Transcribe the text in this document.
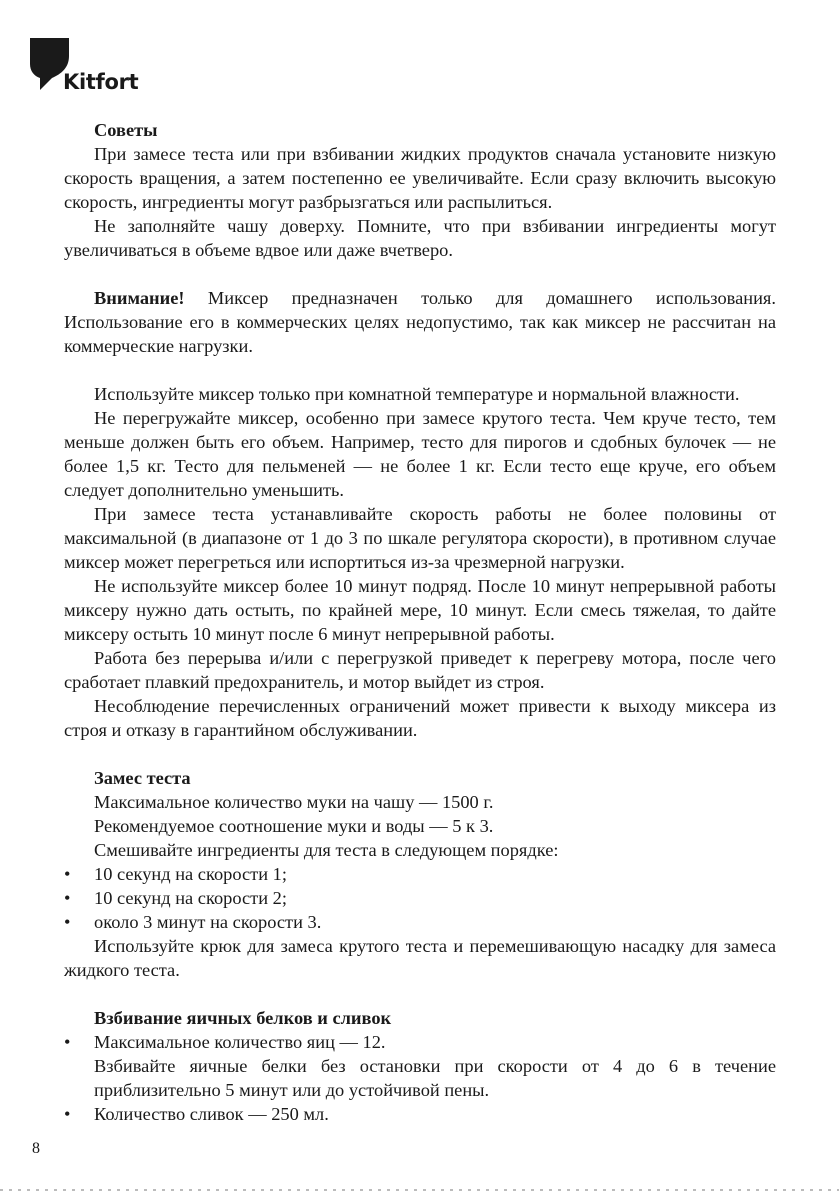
Kitfort

Советы

При замесе теста или при взбивании жидких продуктов сначала установите низкую скорость вращения, а затем постепенно ее увеличивайте. Если сразу включить высокую скорость, ингредиенты могут разбрызгаться или распылиться.

Не заполняйте чашу доверху. Помните, что при взбивании ингредиенты могут увеличиваться в объеме вдвое или даже вчетверо.

Внимание! Миксер предназначен только для домашнего использования. Использование его в коммерческих целях недопустимо, так как миксер не рассчитан на коммерческие нагрузки.

Используйте миксер только при комнатной температуре и нормальной влажности.

Не перегружайте миксер, особенно при замесе крутого теста. Чем круче тесто, тем меньше должен быть его объем. Например, тесто для пирогов и сдобных булочек — не более 1,5 кг. Тесто для пельменей — не более 1 кг. Если тесто еще круче, его объем следует дополнительно уменьшить.

При замесе теста устанавливайте скорость работы не более половины от максимальной (в диапазоне от 1 до 3 по шкале регулятора скорости), в противном случае миксер может перегреться или испортиться из-за чрезмерной нагрузки.

Не используйте миксер более 10 минут подряд. После 10 минут непрерывной работы миксеру нужно дать остыть, по крайней мере, 10 минут. Если смесь тяжелая, то дайте миксеру остыть 10 минут после 6 минут непрерывной работы.

Работа без перерыва и/или с перегрузкой приведет к перегреву мотора, после чего сработает плавкий предохранитель, и мотор выйдет из строя.

Несоблюдение перечисленных ограничений может привести к выходу миксера из строя и отказу в гарантийном обслуживании.

Замес теста

Максимальное количество муки на чашу — 1500 г.

Рекомендуемое соотношение муки и воды — 5 к 3.

Смешивайте ингредиенты для теста в следующем порядке:

• 10 секунд на скорости 1;
• 10 секунд на скорости 2;
• около 3 минут на скорости 3.

Используйте крюк для замеса крутого теста и перемешивающую насадку для замеса жидкого теста.

Взбивание яичных белков и сливок

• Максимальное количество яиц — 12.
Взбивайте яичные белки без остановки при скорости от 4 до 6 в течение приблизительно 5 минут или до устойчивой пены.
• Количество сливок — 250 мл.
8
